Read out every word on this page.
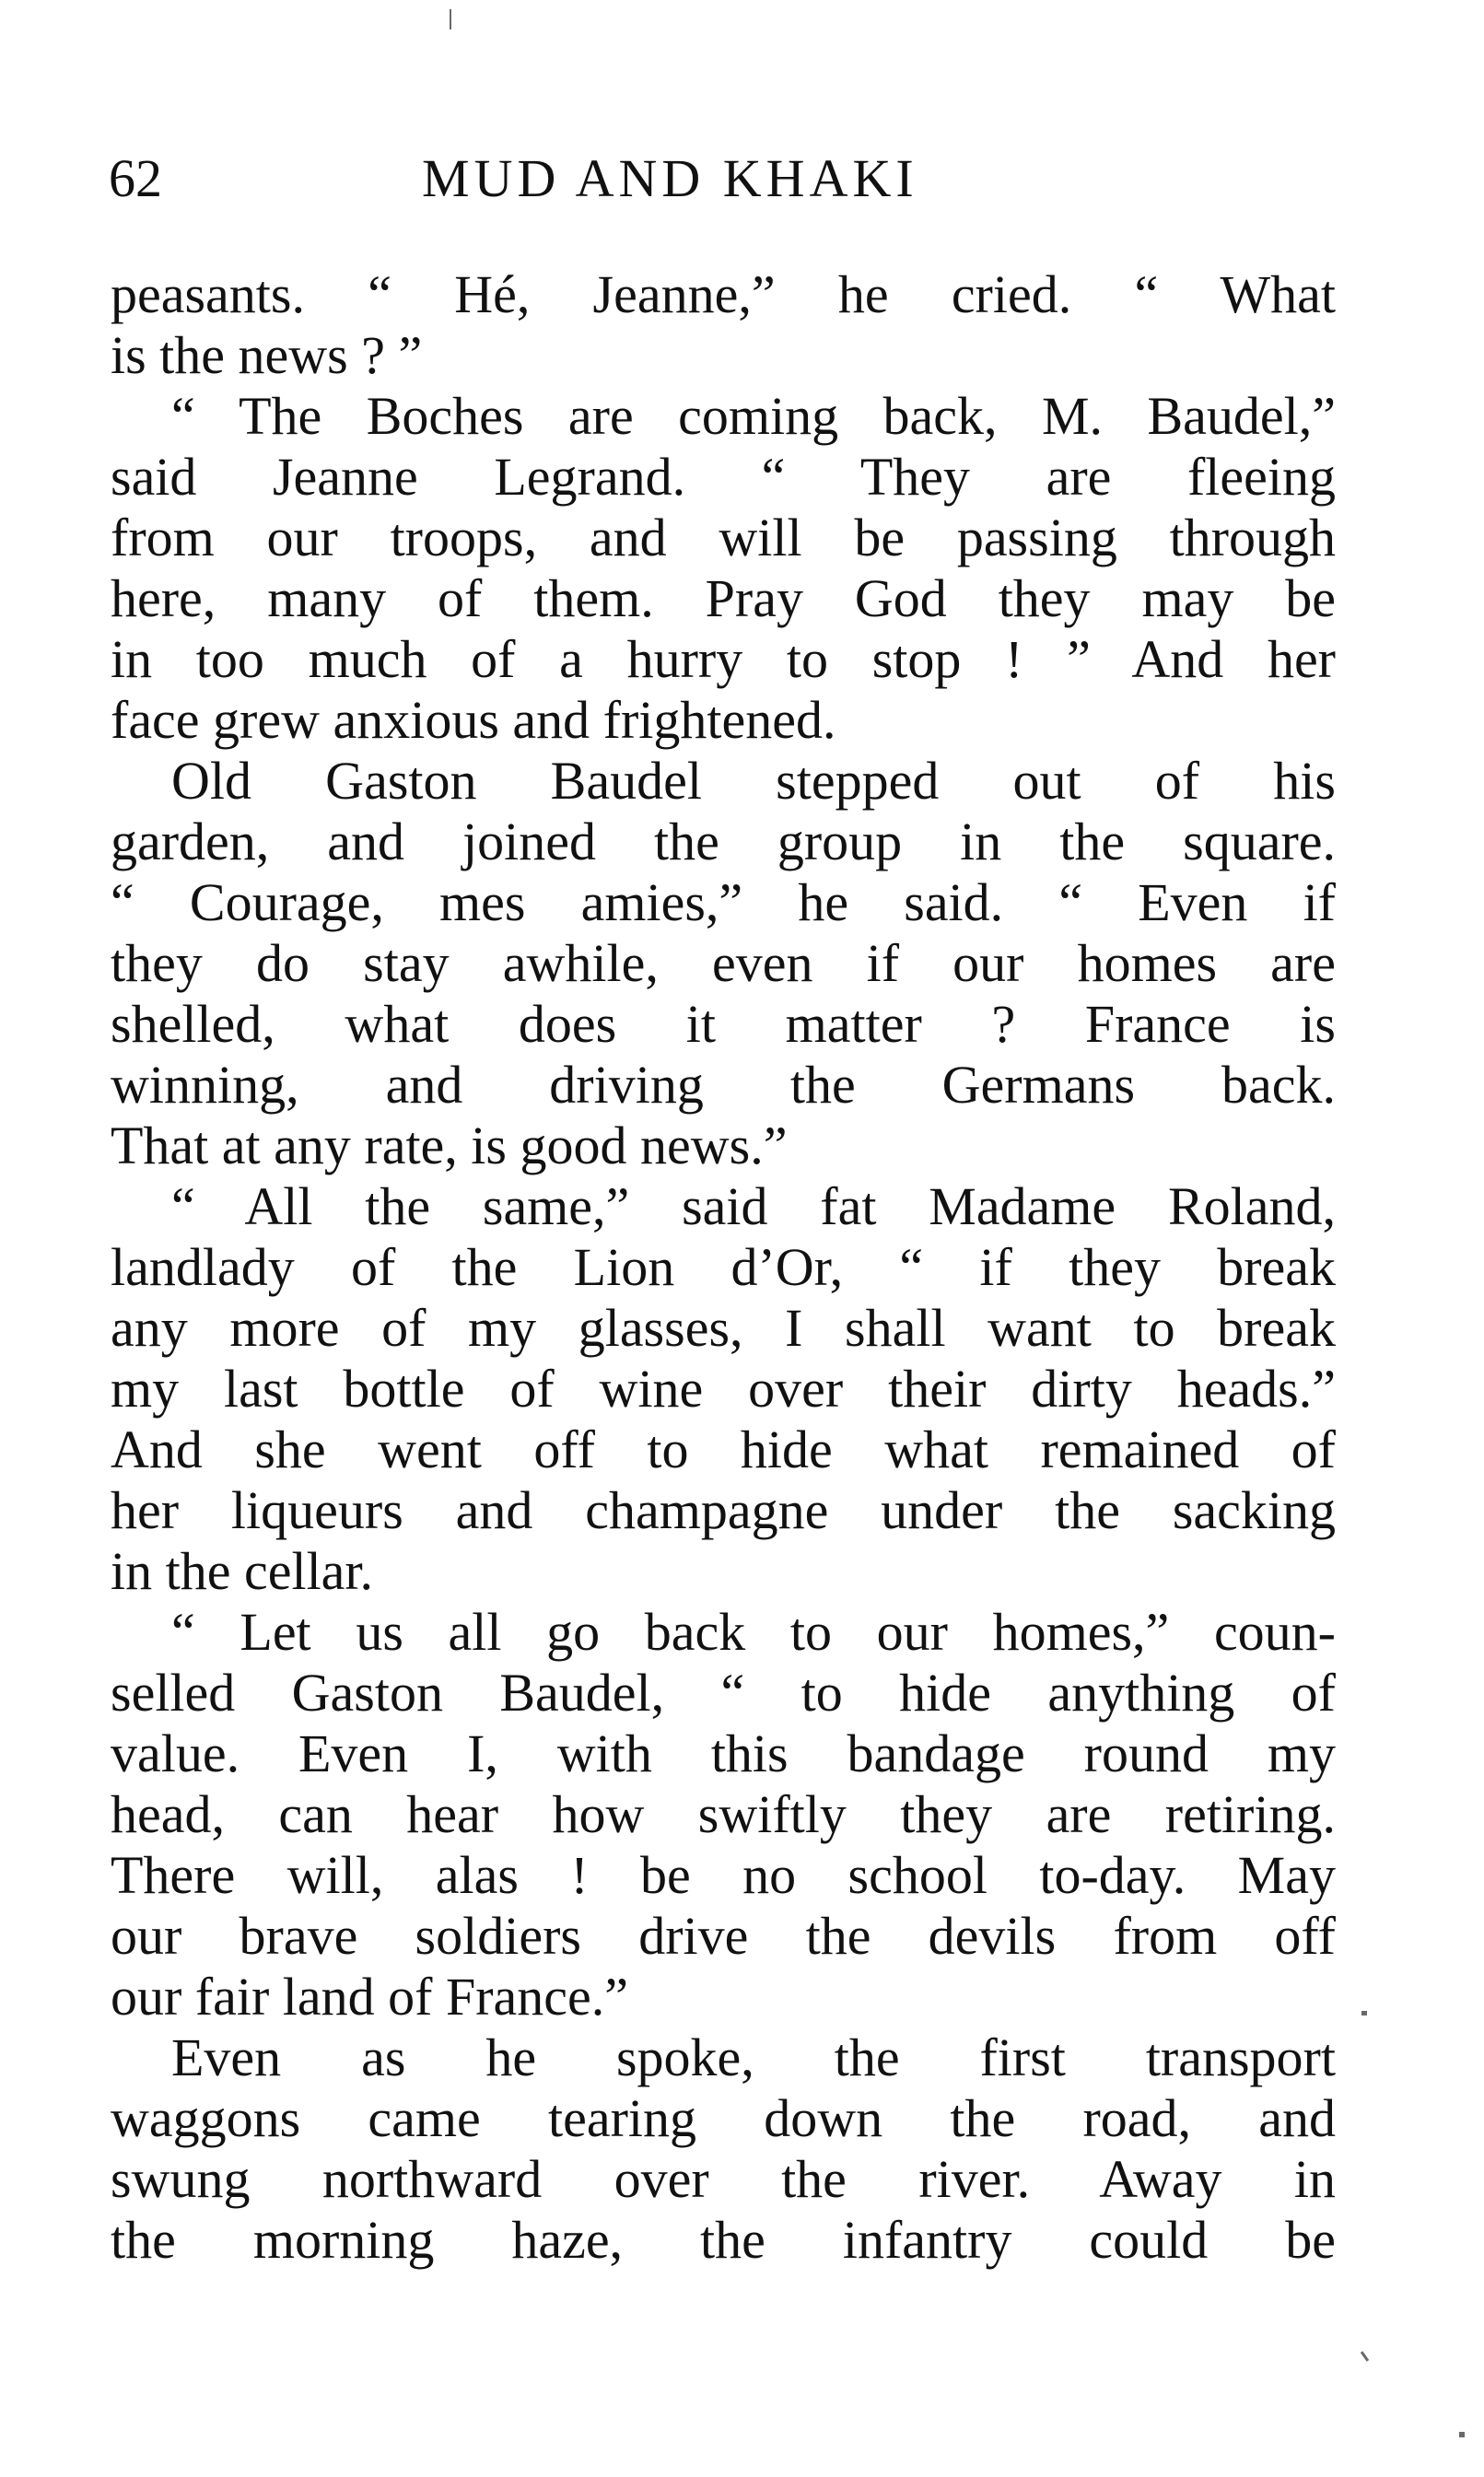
62	MUD AND KHAKI
peasants. “ Hé, Jeanne,” he cried. “ What
is the news ? ”
“ The Boches are coming back, M. Baudel,”
said Jeanne Legrand. “ They are fleeing
from our troops, and will be passing through
here, many of them. Pray God they may be
in too much of a hurry to stop ! ” And her
face grew anxious and frightened.
Old Gaston Baudel stepped out of his
garden, and joined the group in the square.
“ Courage, mes amies,” he said. “ Even if
they do stay awhile, even if our homes are
shelled, what does it matter ? France is
winning, and driving the Germans back.
That at any rate, is good news.”
“ All the same,” said fat Madame Roland,
landlady of the Lion d’Or, “ if they break
any more of my glasses, I shall want to break
my last bottle of wine over their dirty heads.”
And she went off to hide what remained of
her liqueurs and champagne under the sacking
in the cellar.
“ Let us all go back to our homes,” coun-
selled Gaston Baudel, “ to hide anything of
value. Even I, with this bandage round my
head, can hear how swiftly they are retiring.
There will, alas ! be no school to-day. May
our brave soldiers drive the devils from off
our fair land of France.”
Even as he spoke, the first transport
waggons came tearing down the road, and
swung northward over the river. Away in
the morning haze, the infantry could be
